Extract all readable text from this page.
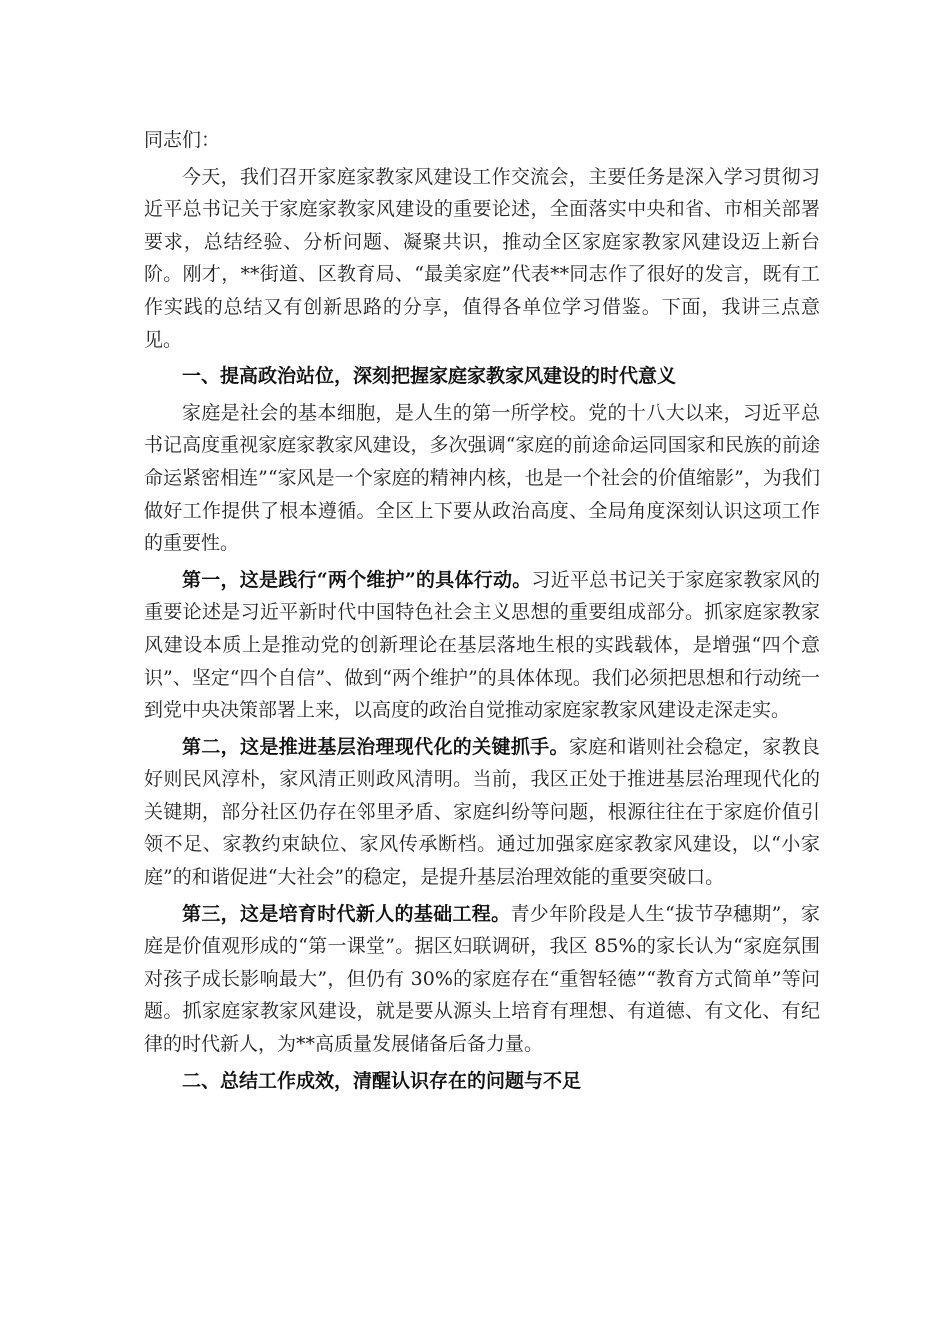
同志们：

今天，我们召开家庭家教家风建设工作交流会，主要任务是深入学习贯彻习近平总书记关于家庭家教家风建设的重要论述，全面落实中央和省、市相关部署要求，总结经验、分析问题、凝聚共识，推动全区家庭家教家风建设迈上新台阶。刚才，**街道、区教育局、“最美家庭”代表**同志作了很好的发言，既有工作实践的总结又有创新思路的分享，值得各单位学习借鉴。下面，我讲三点意见。

一、提高政治站位，深刻把握家庭家教家风建设的时代意义

家庭是社会的基本细胞，是人生的第一所学校。党的十八大以来，习近平总书记高度重视家庭家教家风建设，多次强调“家庭的前途命运同国家和民族的前途命运紧密相连”“家风是一个家庭的精神内核，也是一个社会的价值缩影”，为我们做好工作提供了根本遵循。全区上下要从政治高度、全局角度深刻认识这项工作的重要性。

第一，这是践行“两个维护”的具体行动。习近平总书记关于家庭家教家风的重要论述是习近平新时代中国特色社会主义思想的重要组成部分。抓家庭家教家风建设本质上是推动党的创新理论在基层落地生根的实践载体，是增强“四个意识”、坚定“四个自信”、做到“两个维护”的具体体现。我们必须把思想和行动统一到党中央决策部署上来，以高度的政治自觉推动家庭家教家风建设走深走实。

第二，这是推进基层治理现代化的关键抓手。家庭和谐则社会稳定，家教良好则民风淳朴，家风清正则政风清明。当前，我区正处于推进基层治理现代化的关键期，部分社区仍存在邻里矛盾、家庭纠纷等问题，根源往往在于家庭价值引领不足、家教约束缺位、家风传承断档。通过加强家庭家教家风建设，以“小家庭”的和谐促进“大社会”的稳定，是提升基层治理效能的重要突破口。

第三，这是培育时代新人的基础工程。青少年阶段是人生“拔节孕穗期”，家庭是价值观形成的“第一课堂”。据区妇联调研，我区 85%的家长认为“家庭氛围对孩子成长影响最大”，但仍有 30%的家庭存在“重智轻德”“教育方式简单”等问题。抓家庭家教家风建设，就是要从源头上培育有理想、有道德、有文化、有纪律的时代新人，为**高质量发展储备后备力量。

二、总结工作成效，清醒认识存在的问题与不足
